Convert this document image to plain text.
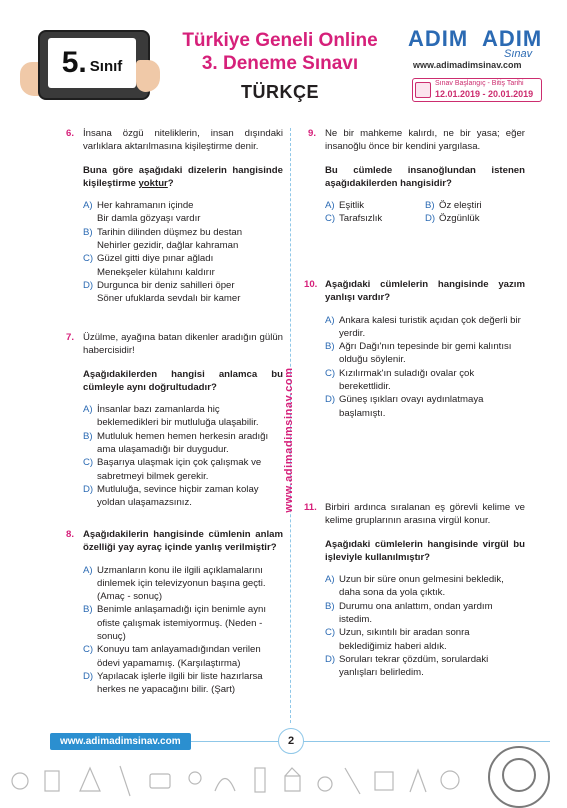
5. Sınıf
Türkiye Geneli Online
3. Deneme Sınavı
TÜRKÇE
ADIM ADIM
Sınav
www.adimadimsinav.com
Sınav Başlangıç - Bitiş Tarihi
12.01.2019 - 20.01.2019
www.adimadimsinav.com
6. İnsana özgü niteliklerin, insan dışındaki varlıklara aktarılmasına kişileştirme denir.
Buna göre aşağıdaki dizelerin hangisinde kişileştirme yoktur?
A) Her kahramanın içinde
Bir damla gözyaşı vardır
B) Tarihin dilinden düşmez bu destan
Nehirler gezidir, dağlar kahraman
C) Güzel gitti diye pınar ağladı
Menekşeler külahını kaldırır
D) Durgunca bir deniz sahilleri öper
Söner ufuklarda sevdalı bir kamer
7. Üzülme, ayağına batan dikenler aradığın gülün habercisidir!
Aşağıdakilerden hangisi anlamca bu cümleyle aynı doğrultudadır?
A) İnsanlar bazı zamanlarda hiç beklemedikleri bir mutluluğa ulaşabilir.
B) Mutluluk hemen hemen herkesin aradığı ama ulaşamadığı bir duygudur.
C) Başarıya ulaşmak için çok çalışmak ve sabretmeyi bilmek gerekir.
D) Mutluluğa, sevince hiçbir zaman kolay yoldan ulaşamazsınız.
8. Aşağıdakilerin hangisinde cümlenin anlam özelliği yay ayraç içinde yanlış verilmiştir?
A) Uzmanların konu ile ilgili açıklamalarını dinlemek için televizyonun başına geçti. (Amaç - sonuç)
B) Benimle anlaşamadığı için benimle aynı ofiste çalışmak istemiyormuş. (Neden - sonuç)
C) Konuyu tam anlayamadığından verilen ödevi yapamamış. (Karşılaştırma)
D) Yapılacak işlerle ilgili bir liste hazırlarsa herkes ne yapacağını bilir. (Şart)
9. Ne bir mahkeme kalırdı, ne bir yasa; eğer insanoğlu önce bir kendini yargılasa.
Bu cümlede insanoğlundan istenen aşağıdakilerden hangisidir?
A) Eşitlik	B) Öz eleştiri
C) Tarafsızlık	D) Özgünlük
10. Aşağıdaki cümlelerin hangisinde yazım yanlışı vardır?
A) Ankara kalesi turistik açıdan çok değerli bir yerdir.
B) Ağrı Dağı'nın tepesinde bir gemi kalıntısı olduğu söylenir.
C) Kızılırmak'ın suladığı ovalar çok berekettlidir.
D) Güneş ışıkları ovayı aydınlatmaya başlamıştı.
11. Birbiri ardınca sıralanan eş görevli kelime ve kelime gruplarının arasına virgül konur.
Aşağıdaki cümlelerin hangisinde virgül bu işleviyle kullanılmıştır?
A) Uzun bir süre onun gelmesini bekledik, daha sona da yola çıktık.
B) Durumu ona anlattım, ondan yardım istedim.
C) Uzun, sıkıntılı bir aradan sonra beklediğimiz haberi aldık.
D) Soruları tekrar çözdüm, sorulardaki yanlışları belirledim.
www.adimadimsinav.com	2
